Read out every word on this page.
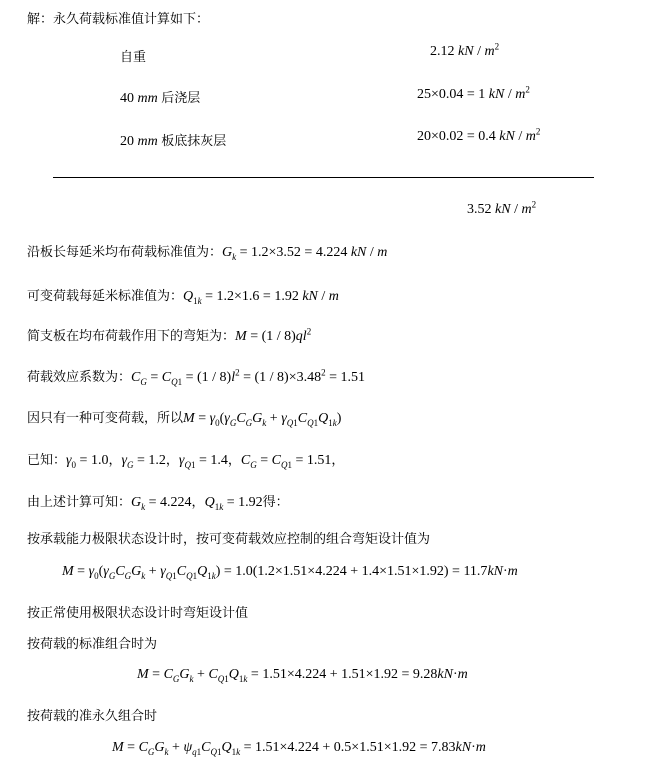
解：永久荷载标准值计算如下：
自重	2.12 kN / $m^2$
40 mm 后浇层	25×0.04 = 1 kN / $m^2$
20 mm 板底抹灰层	20×0.02 = 0.4 kN / $m^2$
3.52 kN / $m^2$
沿板长每延米均布荷载标准值为：$G_k = 1.2\times 3.52 = 4.224$ kN / m
可变荷载每延米标准值为：$Q_{1k} = 1.2\times 1.6 = 1.92$ kN / m
简支板在均布荷载作用下的弯矩为：$M = (1 / 8)ql^2$
荷载效应系数为：$C_G = C_{Q1} = (1 / 8)l^2 = (1 / 8)\times 3.48^2 = 1.51$
因只有一种可变荷载，所以$M = \gamma_0(\gamma_GC_GG_k + \gamma_{Q1}C_{Q1}Q_{1k})$
已知：$\gamma_0 = 1.0$，$\gamma_G = 1.2$，$\gamma_{Q1} = 1.4$，$C_G = C_{Q1} = 1.51$，
由上述计算可知：$G_k = 4.224$，$Q_{1k} = 1.92$得：
按承载能力极限状态设计时，按可变荷载效应控制的组合弯矩设计值为
$M = \gamma_0(\gamma_GC_GG_k + \gamma_{Q1}C_{Q1}Q_{1k}) = 1.0(1.2\times 1.51\times 4.224 + 1.4\times 1.51\times 1.92) = 11.7kN\cdot m$
按正常使用极限状态设计时弯矩设计值
按荷载的标准组合时为
$M = C_GG_k + C_{Q1}Q_{1k} = 1.51\times 4.224 + 1.51\times 1.92 = 9.28kN\cdot m$
按荷载的准永久组合时
$M = C_GG_k + \psi_{q1}C_{Q1}Q_{1k} = 1.51\times 4.224 + 0.5\times 1.51\times 1.92 = 7.83kN\cdot m$
